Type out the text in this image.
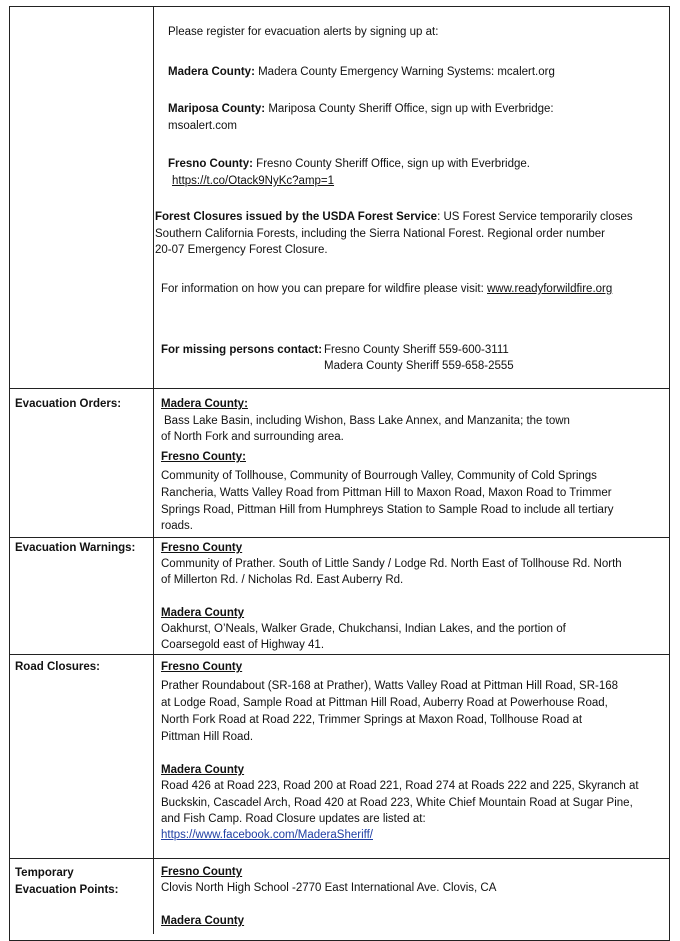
Please register for evacuation alerts by signing up at:
Madera County: Madera County Emergency Warning Systems: mcalert.org
Mariposa County: Mariposa County Sheriff Office, sign up with Everbridge:
msoalert.com
Fresno County: Fresno County Sheriff Office, sign up with Everbridge.
https://t.co/Otack9NyKc?amp=1
Forest Closures issued by the USDA Forest Service: US Forest Service temporarily closes
Southern California Forests, including the Sierra National Forest. Regional order number
20-07 Emergency Forest Closure.
For information on how you can prepare for wildfire please visit: www.readyforwildfire.org
For missing persons contact: Fresno County Sheriff 559-600-3111
Madera County Sheriff 559-658-2555
Evacuation Orders:	Madera County:
Bass Lake Basin, including Wishon, Bass Lake Annex, and Manzanita; the town
of North Fork and surrounding area.
Fresno County:
Community of Tollhouse, Community of Bourrough Valley, Community of Cold Springs
Rancheria, Watts Valley Road from Pittman Hill to Maxon Road, Maxon Road to Trimmer
Springs Road, Pittman Hill from Humphreys Station to Sample Road to include all tertiary
roads.
Evacuation Warnings: Fresno County
Community of Prather. South of Little Sandy / Lodge Rd. North East of Tollhouse Rd. North
of Millerton Rd. / Nicholas Rd. East Auberry Rd.
Madera County
Oakhurst, O’Neals, Walker Grade, Chukchansi, Indian Lakes, and the portion of
Coarsegold east of Highway 41.
Road Closures:	Fresno County
Prather Roundabout (SR-168 at Prather), Watts Valley Road at Pittman Hill Road, SR-168
at Lodge Road, Sample Road at Pittman Hill Road, Auberry Road at Powerhouse Road,
North Fork Road at Road 222, Trimmer Springs at Maxon Road, Tollhouse Road at
Pittman Hill Road.
Madera County
Road 426 at Road 223, Road 200 at Road 221, Road 274 at Roads 222 and 225, Skyranch at
Buckskin, Cascadel Arch, Road 420 at Road 223, White Chief Mountain Road at Sugar Pine,
and Fish Camp. Road Closure updates are listed at:
https://www.facebook.com/MaderaSheriff/
Temporary
Evacuation Points:
Fresno County
Clovis North High School -2770 East International Ave. Clovis, CA
Madera County
